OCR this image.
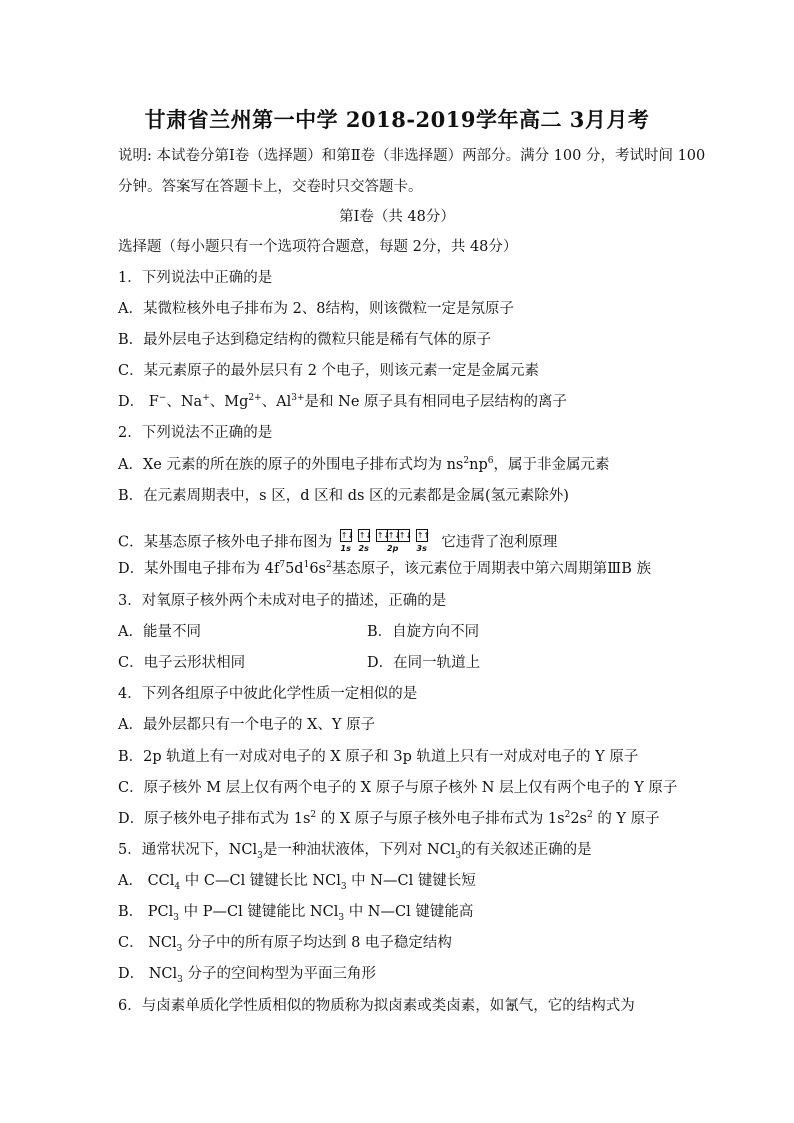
甘肃省兰州第一中学 2018-2019学年高二 3月月考
说明: 本试卷分第Ⅰ卷（选择题）和第Ⅱ卷（非选择题）两部分。满分 100 分，考试时间 100
分钟。答案写在答题卡上，交卷时只交答题卡。
第Ⅰ卷（共 48分）
选择题（每小题只有一个选项符合题意，每题 2分，共 48分）
1．下列说法中正确的是
A．某微粒核外电子排布为 2、8结构，则该微粒一定是氖原子
B．最外层电子达到稳定结构的微粒只能是稀有气体的原子
C．某元素原子的最外层只有 2 个电子，则该元素一定是金属元素
D． F−、Na+、$Mg^{2+}$、$Al^{3+}$是和 Ne 原子具有相同电子层结构的离子
2．下列说法不正确的是
A．Xe 元素的所在族的原子的外围电子排布式均为 $ns^2np^6$，属于非金属元素
B．在元素周期表中，s 区，d 区和 ds 区的元素都是金属(氢元素除外)
C．某基态原子核外电子排布图为 ↑↓
1s
↑↓
2s
↑↓
↑↓
↑↓
2p
↑↑
3s 它违背了泡利原理
D．某外围电子排布为 $4f^75d^16s^2$基态原子，该元素位于周期表中第六周期第ⅢB 族
3．对氧原子核外两个未成对电子的描述，正确的是
A．能量不同	B．自旋方向不同
C．电子云形状相同	D．在同一轨道上
4．下列各组原子中彼此化学性质一定相似的是
A．最外层都只有一个电子的 X、Y 原子
B．2p 轨道上有一对成对电子的 X 原子和 3p 轨道上只有一对成对电子的 Y 原子
C．原子核外 M 层上仅有两个电子的 X 原子与原子核外 N 层上仅有两个电子的 Y 原子
D．原子核外电子排布式为 $1s^2$ 的 X 原子与原子核外电子排布式为 $1s^22s^2$ 的 Y 原子
5．通常状况下，NCl$_3$是一种油状液体，下列对 NCl$_3$的有关叙述正确的是
A． CCl$_4$ 中 C—Cl 键键长比 NCl$_3$ 中 N—Cl 键键长短
B． PCl$_3$ 中 P—Cl 键键能比 NCl$_3$ 中 N—Cl 键键能高
C． NCl$_3$ 分子中的所有原子均达到 8 电子稳定结构
D． NCl$_3$ 分子的空间构型为平面三角形
6．与卤素单质化学性质相似的物质称为拟卤素或类卤素，如氰气，它的结构式为
